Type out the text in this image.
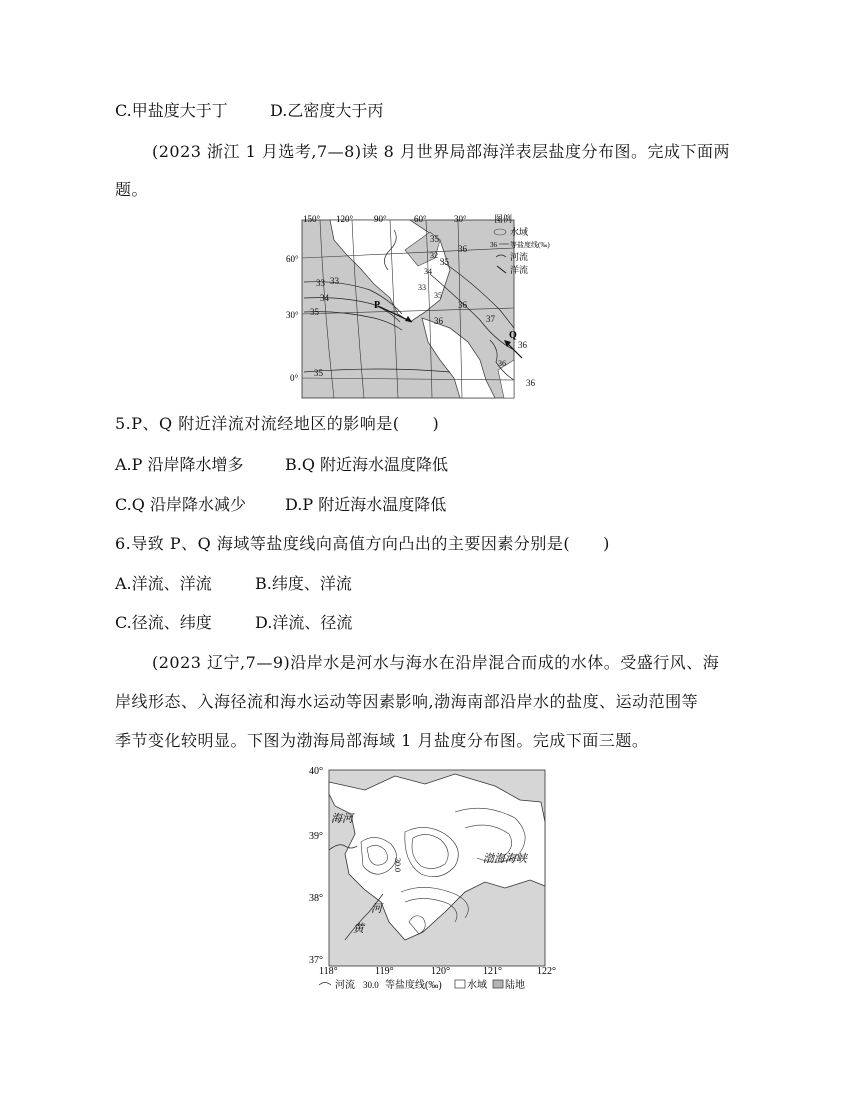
C.甲盐度大于丁	D.乙密度大于丙
(2023 浙江 1 月选考,7—8)读 8 月世界局部海洋表层盐度分布图。完成下面两
题。
150° 120° 90°	60°	30°
60°
30°
0°
33 33
34
35
35
35
35
36	37
32
33
34
35
36
36
36
36
36
P
Q
图例
水域
36 等盐度线(‰)
河流
洋流
5.P、Q 附近洋流对流经地区的影响是(　　)
A.P 沿岸降水增多	B.Q 附近海水温度降低
C.Q 沿岸降水减少 D.P 附近海水温度降低
6.导致 P、Q 海域等盐度线向高值方向凸出的主要因素分别是(　　)
A.洋流、洋流	B.纬度、洋流
C.径流、纬度	D.洋流、径流
(2023 辽宁,7—9)沿岸水是河水与海水在沿岸混合而成的水体。受盛行风、海
岸线形态、入海径流和海水运动等因素影响,渤海南部沿岸水的盐度、运动范围等
季节变化较明显。下图为渤海局部海域 1 月盐度分布图。完成下面三题。
40°
39°
38°
37°
118°	119°	120°	121°	122°
海河
渤海海峡
河
黄
30.0
河流 30.0 等盐度线(‰)	水域 陆地
